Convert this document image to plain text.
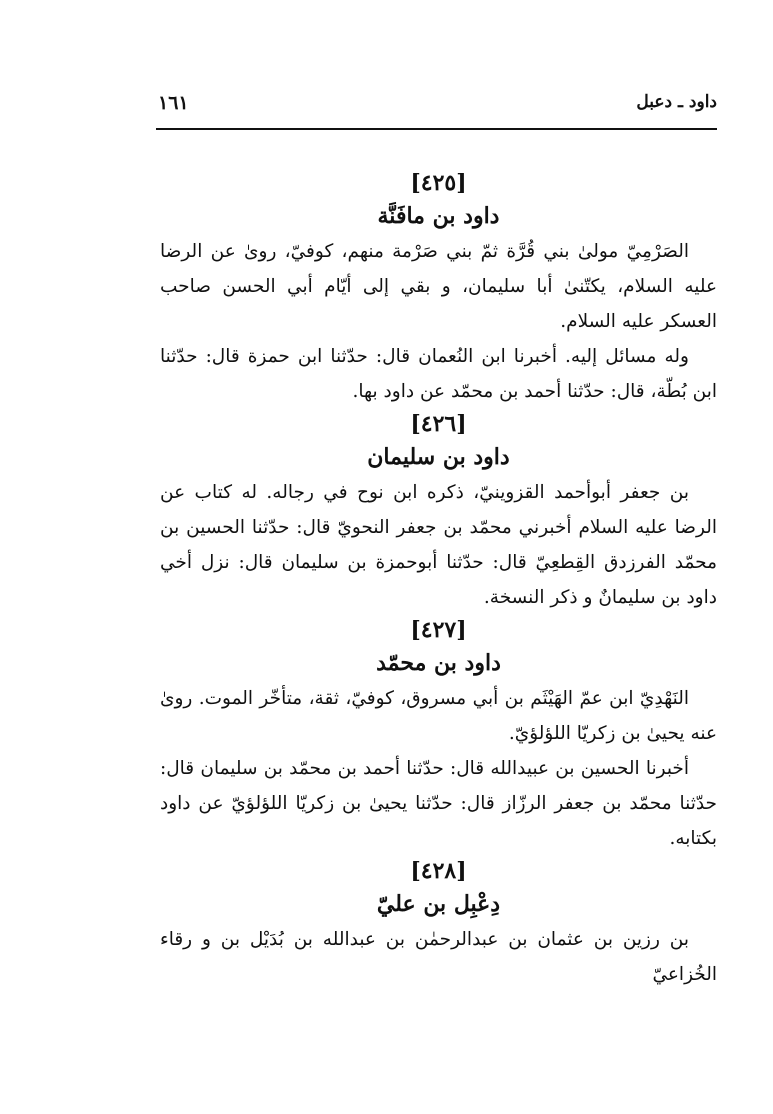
١٦١	داود ـ دعبل
[٤٢٥]
داود بن مافَنَّة

الصَرْمِيّ مولىٰ بني قُرَّة ثمّ بني صَرْمة منهم، كوفيّ، روىٰ عن الرضا عليه السلام، يكتّنىٰ أبا سليمان، و بقي إلى أيّام أبي الحسن صاحب العسكر عليه السلام.

وله مسائل إليه. أخبرنا ابن النُعمان قال: حدّثنا ابن حمزة قال: حدّثنا ابن بُطّة، قال: حدّثنا أحمد بن محمّد عن داود بها.

[٤٢٦]
داود بن سليمان

بن جعفر أبوأحمد القزوينيّ، ذكره ابن نوح في رجاله. له كتاب عن الرضا عليه السلام أخبرني محمّد بن جعفر النحويّ قال: حدّثنا الحسين بن محمّد الفرزدق القِطعِيّ قال: حدّثنا أبوحمزة بن سليمان قال: نزل أخي داود بن سليمانٌ و ذكر النسخة.

[٤٢٧]
داود بن محمّد

النَهْدِيّ ابن عمّ الهَيْثَم بن أبي مسروق، كوفيّ، ثقة، متأخّر الموت. روىٰ عنه يحيىٰ بن زكريّا اللؤلؤيّ.

أخبرنا الحسين بن عبيدالله قال: حدّثنا أحمد بن محمّد بن سليمان قال: حدّثنا محمّد بن جعفر الرزّاز قال: حدّثنا يحيىٰ بن زكريّا اللؤلؤيّ عن داود بكتابه.

[٤٢٨]
دِعْبِل بن عليّ

بن رزين بن عثمان بن عبدالرحمٰن بن عبدالله بن بُدَيْل بن و رقاء الخُزاعيّ
